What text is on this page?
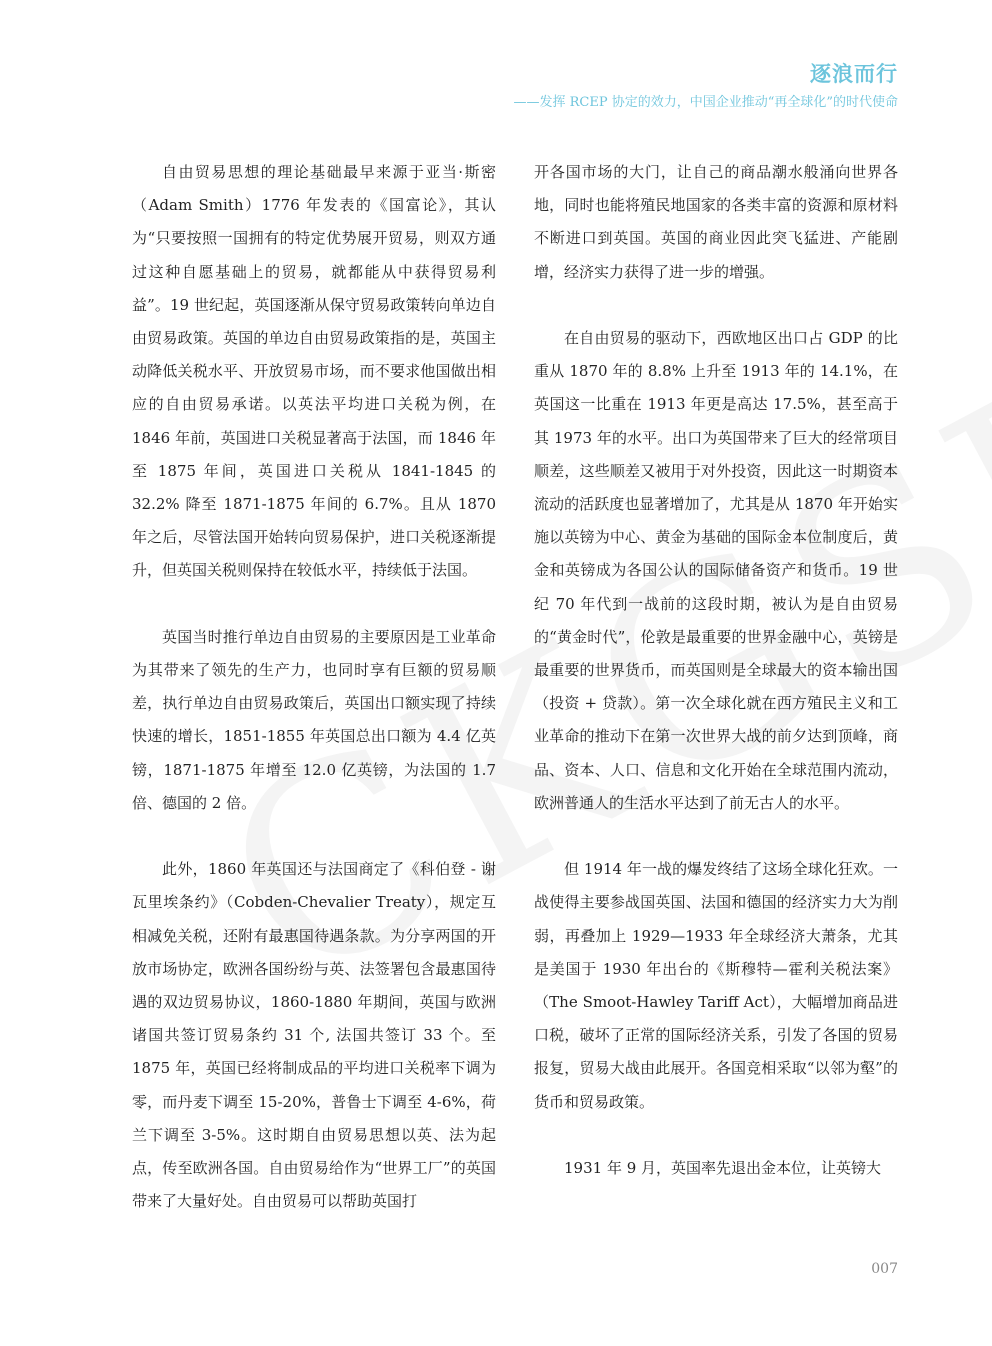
逐浪而行
——发挥 RCEP 协定的效力，中国企业推动“再全球化”的时代使命

自由贸易思想的理论基础最早来源于亚当·斯密（Adam Smith）1776 年发表的《国富论》，其认为“只要按照一国拥有的特定优势展开贸易，则双方通过这种自愿基础上的贸易，就都能从中获得贸易利益”。19 世纪起，英国逐渐从保守贸易政策转向单边自由贸易政策。英国的单边自由贸易政策指的是，英国主动降低关税水平、开放贸易市场，而不要求他国做出相应的自由贸易承诺。以英法平均进口关税为例，在 1846 年前，英国进口关税显著高于法国，而 1846 年至 1875 年间，英国进口关税从 1841-1845 的 32.2% 降至 1871-1875 年间的 6.7%。且从 1870 年之后，尽管法国开始转向贸易保护，进口关税逐渐提升，但英国关税则保持在较低水平，持续低于法国。

英国当时推行单边自由贸易的主要原因是工业革命为其带来了领先的生产力，也同时享有巨额的贸易顺差，执行单边自由贸易政策后，英国出口额实现了持续快速的增长，1851-1855 年英国总出口额为 4.4 亿英镑，1871-1875 年增至 12.0 亿英镑，为法国的 1.7 倍、德国的 2 倍。

此外，1860 年英国还与法国商定了《科伯登 - 谢瓦里埃条约》（Cobden-Chevalier Treaty），规定互相减免关税，还附有最惠国待遇条款。为分享两国的开放市场协定，欧洲各国纷纷与英、法签署包含最惠国待遇的双边贸易协议，1860-1880 年期间，英国与欧洲诸国共签订贸易条约 31 个, 法国共签订 33 个。至 1875 年，英国已经将制成品的平均进口关税率下调为零，而丹麦下调至 15-20%，普鲁士下调至 4-6%，荷兰下调至 3-5%。这时期自由贸易思想以英、法为起点，传至欧洲各国。自由贸易给作为“世界工厂”的英国带来了大量好处。自由贸易可以帮助英国打

开各国市场的大门，让自己的商品潮水般涌向世界各地，同时也能将殖民地国家的各类丰富的资源和原材料不断进口到英国。英国的商业因此突飞猛进、产能剧增，经济实力获得了进一步的增强。

在自由贸易的驱动下，西欧地区出口占 GDP 的比重从 1870 年的 8.8% 上升至 1913 年的 14.1%，在英国这一比重在 1913 年更是高达 17.5%，甚至高于其 1973 年的水平。出口为英国带来了巨大的经常项目顺差，这些顺差又被用于对外投资，因此这一时期资本流动的活跃度也显著增加了，尤其是从 1870 年开始实施以英镑为中心、黄金为基础的国际金本位制度后，黄金和英镑成为各国公认的国际储备资产和货币。19 世纪 70 年代到一战前的这段时期，被认为是自由贸易的“黄金时代”，伦敦是最重要的世界金融中心，英镑是最重要的世界货币，而英国则是全球最大的资本输出国（投资 + 贷款）。第一次全球化就在西方殖民主义和工业革命的推动下在第一次世界大战的前夕达到顶峰，商品、资本、人口、信息和文化开始在全球范围内流动，欧洲普通人的生活水平达到了前无古人的水平。

但 1914 年一战的爆发终结了这场全球化狂欢。一战使得主要参战国英国、法国和德国的经济实力大为削弱，再叠加上 1929—1933 年全球经济大萧条，尤其是美国于 1930 年出台的《斯穆特—霍利关税法案》（The Smoot-Hawley Tariff Act），大幅增加商品进口税，破坏了正常的国际经济关系，引发了各国的贸易报复，贸易大战由此展开。各国竞相采取“以邻为壑”的货币和贸易政策。

1931 年 9 月，英国率先退出金本位，让英镑大

007
